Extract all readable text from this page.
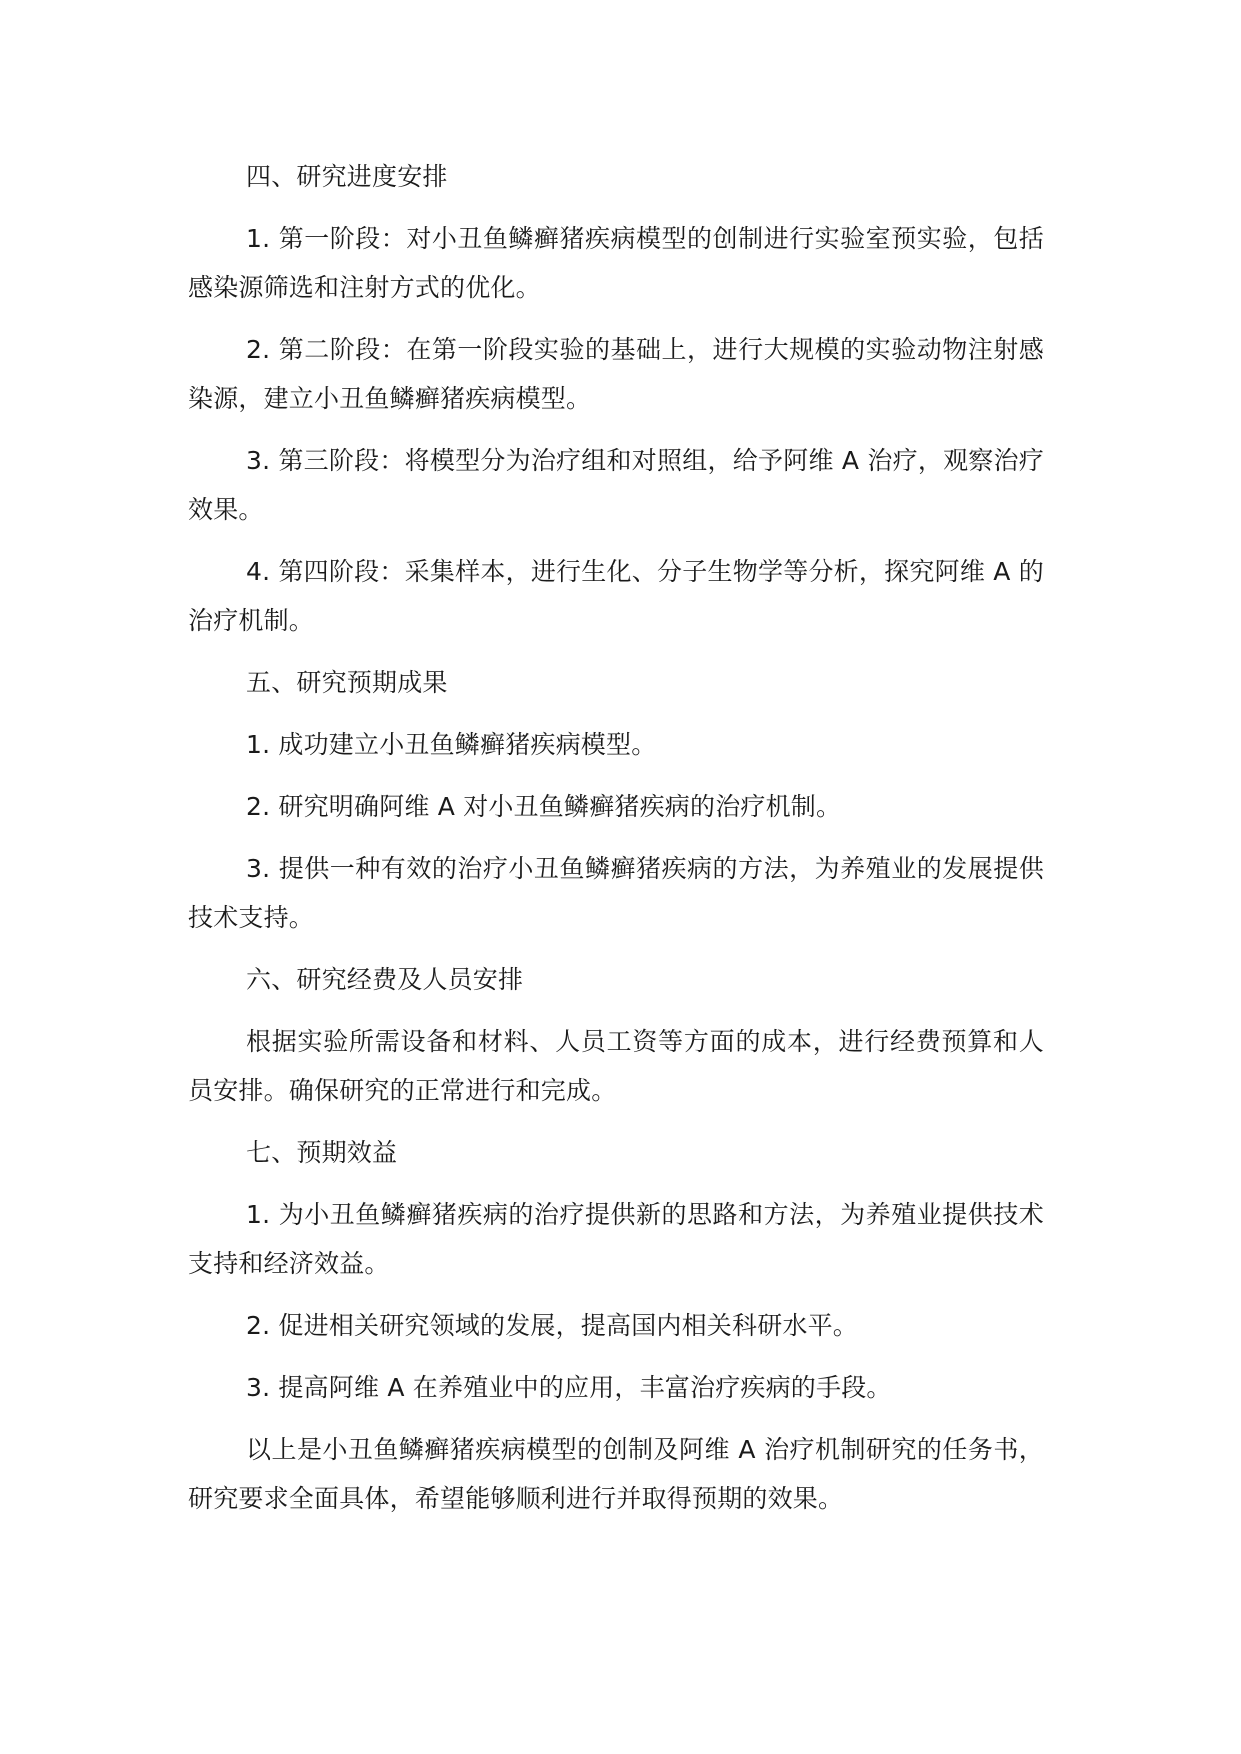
四、研究进度安排

1. 第一阶段：对小丑鱼鳞癣猪疾病模型的创制进行实验室预实验，包括感染源筛选和注射方式的优化。

2. 第二阶段：在第一阶段实验的基础上，进行大规模的实验动物注射感染源，建立小丑鱼鳞癣猪疾病模型。

3. 第三阶段：将模型分为治疗组和对照组，给予阿维 A 治疗，观察治疗效果。

4. 第四阶段：采集样本，进行生化、分子生物学等分析，探究阿维 A 的治疗机制。

五、研究预期成果

1. 成功建立小丑鱼鳞癣猪疾病模型。

2. 研究明确阿维 A 对小丑鱼鳞癣猪疾病的治疗机制。

3. 提供一种有效的治疗小丑鱼鳞癣猪疾病的方法，为养殖业的发展提供技术支持。

六、研究经费及人员安排

根据实验所需设备和材料、人员工资等方面的成本，进行经费预算和人员安排。确保研究的正常进行和完成。

七、预期效益

1. 为小丑鱼鳞癣猪疾病的治疗提供新的思路和方法，为养殖业提供技术支持和经济效益。

2. 促进相关研究领域的发展，提高国内相关科研水平。

3. 提高阿维 A 在养殖业中的应用，丰富治疗疾病的手段。

以上是小丑鱼鳞癣猪疾病模型的创制及阿维 A 治疗机制研究的任务书，研究要求全面具体，希望能够顺利进行并取得预期的效果。
